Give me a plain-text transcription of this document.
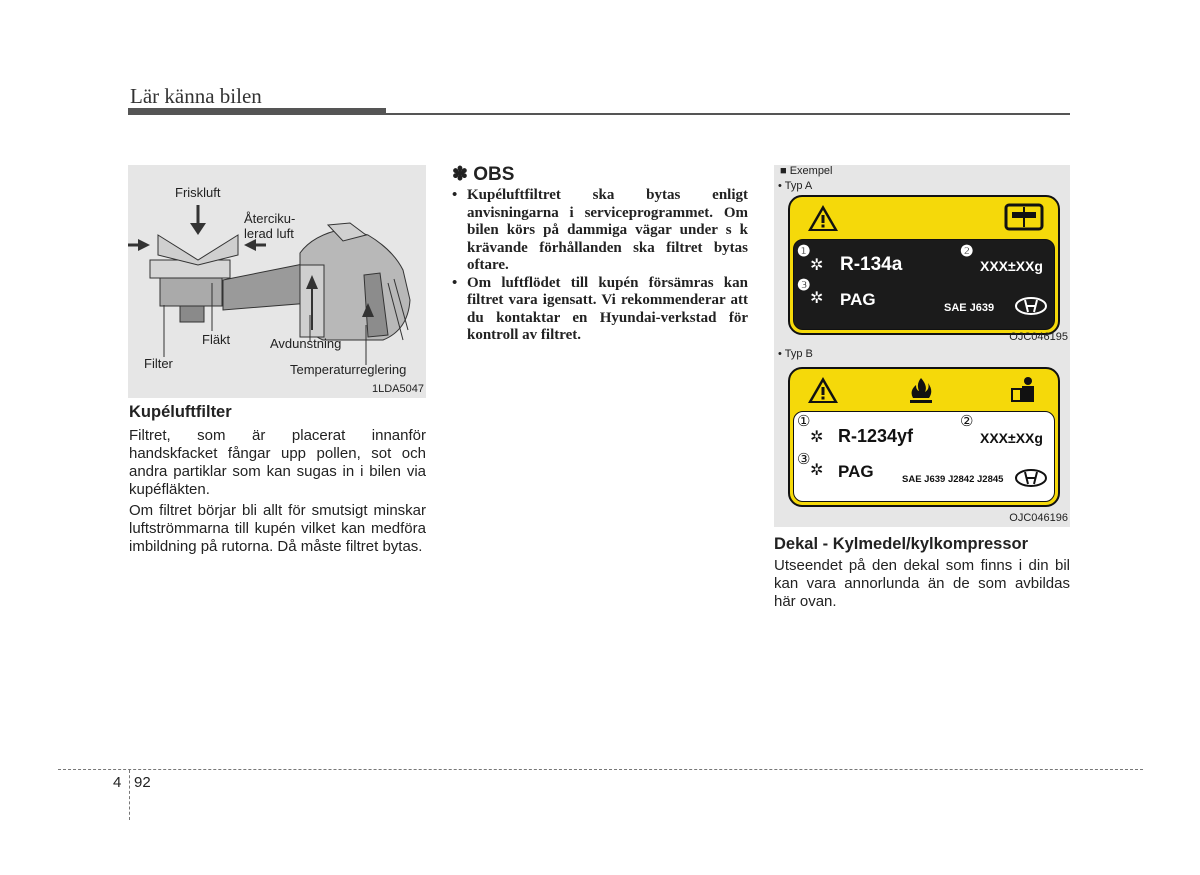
Lär känna bilen
Friskluft
Återciku-
lerad luft
Fläkt	Avdunstning
Filter	Temperaturreglering
1LDA5047
Kupéluftfilter
Filtret, som är placerat innanför handskfacket fångar upp pollen, sot och andra partiklar som kan sugas in i bilen via kupéfläkten.
Om filtret börjar bli allt för smutsigt minskar luftströmmarna till kupén vilket kan medföra imbildning på rutorna. Då måste filtret bytas.
✽ OBS
• Kupéluftfiltret ska bytas enligt anvisningarna i serviceprogrammet. Om bilen körs på dammiga vägar under s k krävande förhållanden ska filtret bytas oftare.
• Om luftflödet till kupén försämras kan filtret vara igensatt. Vi rekommenderar att du kontaktar en Hyundai-verkstad för kontroll av filtret.
■ Exempel
• Typ A
❶	❷
❸
✲
✲
R-134a	XXX±XXg
PAG	SAE J639
OJC046195
• Typ B
①	②
③
✲
✲
R-1234yf	XXX±XXg
PAG	SAE J639 J2842 J2845
OJC046196
Dekal - Kylmedel/kylkompressor
Utseendet på den dekal som finns i din bil kan vara annorlunda än de som avbildas här ovan.
4 92
